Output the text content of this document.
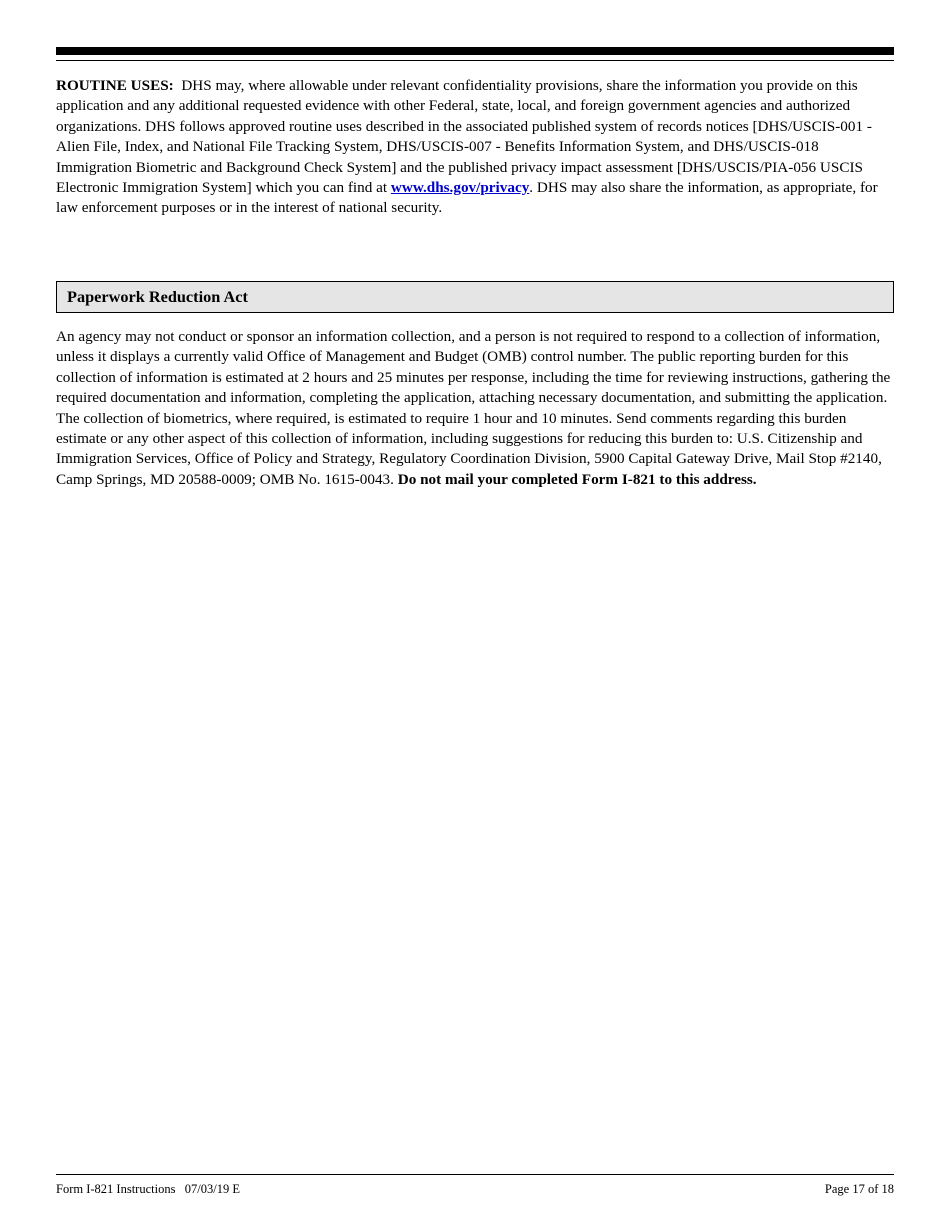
ROUTINE USES: DHS may, where allowable under relevant confidentiality provisions, share the information you provide on this application and any additional requested evidence with other Federal, state, local, and foreign government agencies and authorized organizations. DHS follows approved routine uses described in the associated published system of records notices [DHS/USCIS-001 - Alien File, Index, and National File Tracking System, DHS/USCIS-007 - Benefits Information System, and DHS/USCIS-018 Immigration Biometric and Background Check System] and the published privacy impact assessment [DHS/USCIS/PIA-056 USCIS Electronic Immigration System] which you can find at www.dhs.gov/privacy. DHS may also share the information, as appropriate, for law enforcement purposes or in the interest of national security.

Paperwork Reduction Act

An agency may not conduct or sponsor an information collection, and a person is not required to respond to a collection of information, unless it displays a currently valid Office of Management and Budget (OMB) control number. The public reporting burden for this collection of information is estimated at 2 hours and 25 minutes per response, including the time for reviewing instructions, gathering the required documentation and information, completing the application, attaching necessary documentation, and submitting the application. The collection of biometrics, where required, is estimated to require 1 hour and 10 minutes. Send comments regarding this burden estimate or any other aspect of this collection of information, including suggestions for reducing this burden to: U.S. Citizenship and Immigration Services, Office of Policy and Strategy, Regulatory Coordination Division, 5900 Capital Gateway Drive, Mail Stop #2140, Camp Springs, MD 20588-0009; OMB No. 1615-0043. Do not mail your completed Form I-821 to this address.

Form I-821 Instructions   07/03/19 E	Page 17 of 18
